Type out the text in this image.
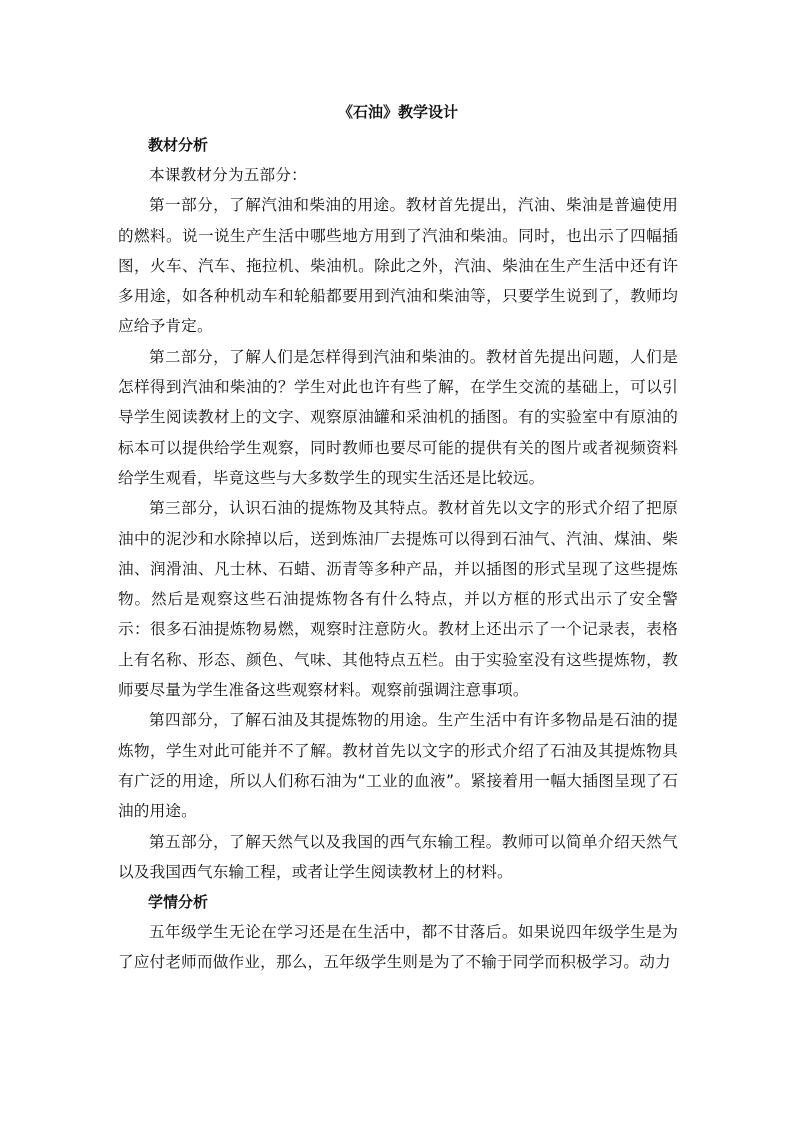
《石油》教学设计
教材分析

本课教材分为五部分：

第一部分，了解汽油和柴油的用途。教材首先提出，汽油、柴油是普遍使用的燃料。说一说生产生活中哪些地方用到了汽油和柴油。同时，也出示了四幅插图，火车、汽车、拖拉机、柴油机。除此之外，汽油、柴油在生产生活中还有许多用途，如各种机动车和轮船都要用到汽油和柴油等，只要学生说到了，教师均应给予肯定。

第二部分，了解人们是怎样得到汽油和柴油的。教材首先提出问题，人们是怎样得到汽油和柴油的？学生对此也许有些了解，在学生交流的基础上，可以引导学生阅读教材上的文字、观察原油罐和采油机的插图。有的实验室中有原油的标本可以提供给学生观察，同时教师也要尽可能的提供有关的图片或者视频资料给学生观看，毕竟这些与大多数学生的现实生活还是比较远。

第三部分，认识石油的提炼物及其特点。教材首先以文字的形式介绍了把原油中的泥沙和水除掉以后，送到炼油厂去提炼可以得到石油气、汽油、煤油、柴油、润滑油、凡士林、石蜡、沥青等多种产品，并以插图的形式呈现了这些提炼物。然后是观察这些石油提炼物各有什么特点，并以方框的形式出示了安全警示：很多石油提炼物易燃，观察时注意防火。教材上还出示了一个记录表，表格上有名称、形态、颜色、气味、其他特点五栏。由于实验室没有这些提炼物，教师要尽量为学生准备这些观察材料。观察前强调注意事项。

第四部分，了解石油及其提炼物的用途。生产生活中有许多物品是石油的提炼物，学生对此可能并不了解。教材首先以文字的形式介绍了石油及其提炼物具有广泛的用途，所以人们称石油为“工业的血液”。紧接着用一幅大插图呈现了石油的用途。

第五部分，了解天然气以及我国的西气东输工程。教师可以简单介绍天然气以及我国西气东输工程，或者让学生阅读教材上的材料。

学情分析

五年级学生无论在学习还是在生活中，都不甘落后。如果说四年级学生是为了应付老师而做作业，那么，五年级学生则是为了不输于同学而积极学习。动力
